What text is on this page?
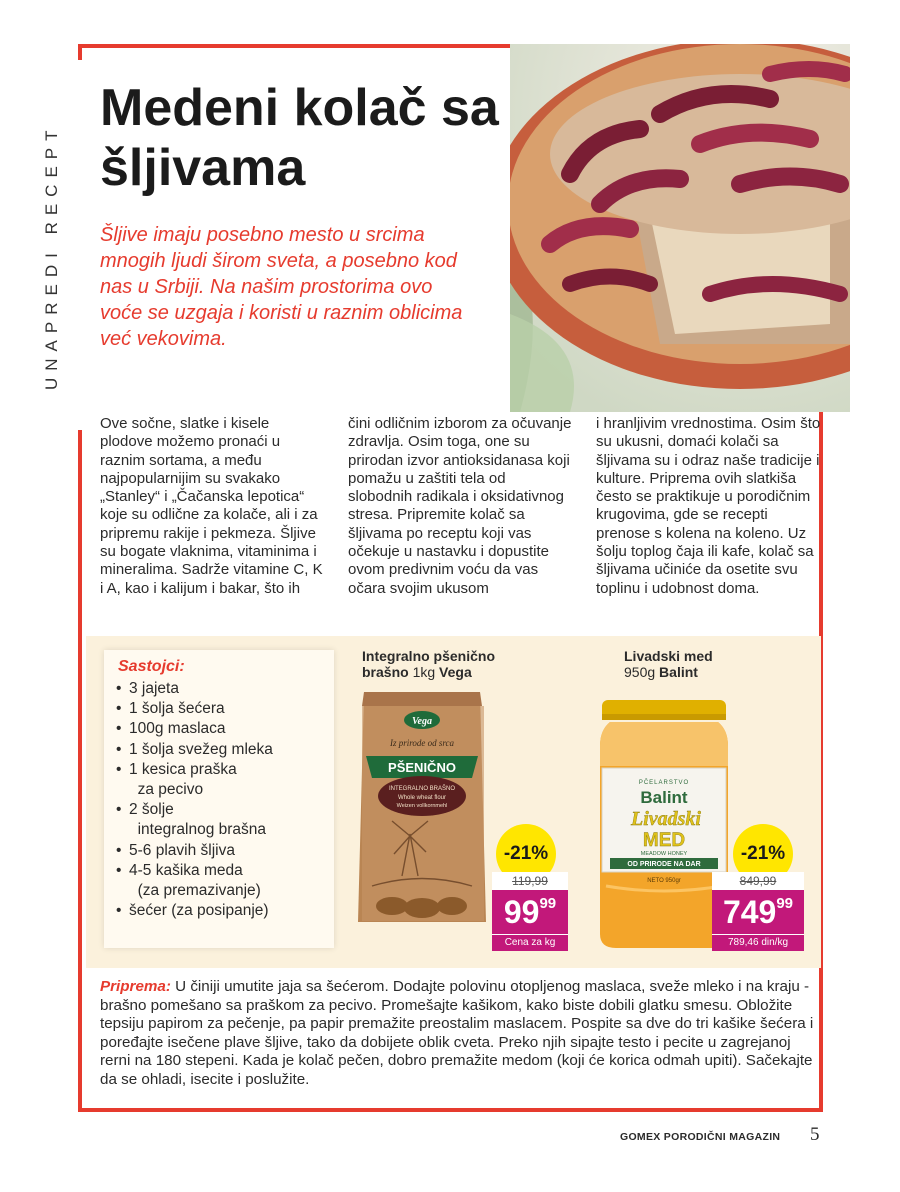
UNAPREDI RECEPT
Medeni kolač sa šljivama

Šljive imaju posebno mesto u srcima mnogih ljudi širom sveta, a posebno kod nas u Srbiji. Na našim prostorima ovo voće se uzgaja i koristi u raznim oblicima već vekovima.

Ove sočne, slatke i kisele plodove možemo pronaći u raznim sortama, a među najpopularnijim su svakako „Stanley“ i „Čačanska lepotica“ koje su odlične za kolače, ali i za pripremu rakije i pekmeza. Šljive su bogate vlaknima, vitaminima i mineralima. Sadrže vitamine C, K i A, kao i kalijum i bakar, što ih

čini odličnim izborom za očuvanje zdravlja. Osim toga, one su prirodan izvor antioksidanasa koji pomažu u zaštiti tela od slobodnih radikala i oksidativnog stresa. Pripremite kolač sa šljivama po receptu koji vas očekuje u nastavku i dopustite ovom predivnim voću da vas očara svojim ukusom

i hranljivim vrednostima. Osim što su ukusni, domaći kolači sa šljivama su i odraz naše tradicije i kulture. Priprema ovih slatkiša često se praktikuje u porodičnim krugovima, gde se recepti prenose s kolena na koleno. Uz šolju toplog čaja ili kafe, kolač sa šljivama učiniće da osetite svu toplinu i udobnost doma.

Sastojci:
• 3 jajeta
• 1 šolja šećera
• 100g maslaca
• 1 šolja svežeg mleka
• 1 kesica praška
za pecivo
• 2 šolje
integralnog brašna
• 5-6 plavih šljiva
• 4-5 kašika meda
(za premazivanje)
• šećer (za posipanje)
Integralno pšenično
brašno 1kg Vega
Vega
Iz prirode od srca
PŠENIČNO
INTEGRALNO BRAŠNO
Whole wheat flour
Weizen vollkornmehl
-21%
119,99
$99^{99}$
Cena za kg
Livadski med
950g Balint
PČELARSTVO
Balint
Livadski
MED
MEADOW HONEY
OD PRIRODE NA DAR
NETO 950gr
-21%
849,99
$749^{99}$
789,46 din/kg

Priprema: U činiji umutite jaja sa šećerom. Dodajte polovinu otopljenog maslaca, sveže mleko i na kraju - brašno pomešano sa praškom za pecivo. Promešajte kašikom, kako biste dobili glatku smesu. Obložite tepsiju papirom za pečenje, pa papir premažite preostalim maslacem. Pospite sa dve do tri kašike šećera i poređajte isečene plave šljive, tako da dobijete oblik cveta. Preko njih sipajte testo i pecite u zagrejanoj rerni na 180 stepeni. Kada je kolač pečen, dobro premažite medom (koji će korica odmah upiti). Sačekajte da se ohladi, isecite i poslužite.

GOMEX PORODIČNI MAGAZIN 5
